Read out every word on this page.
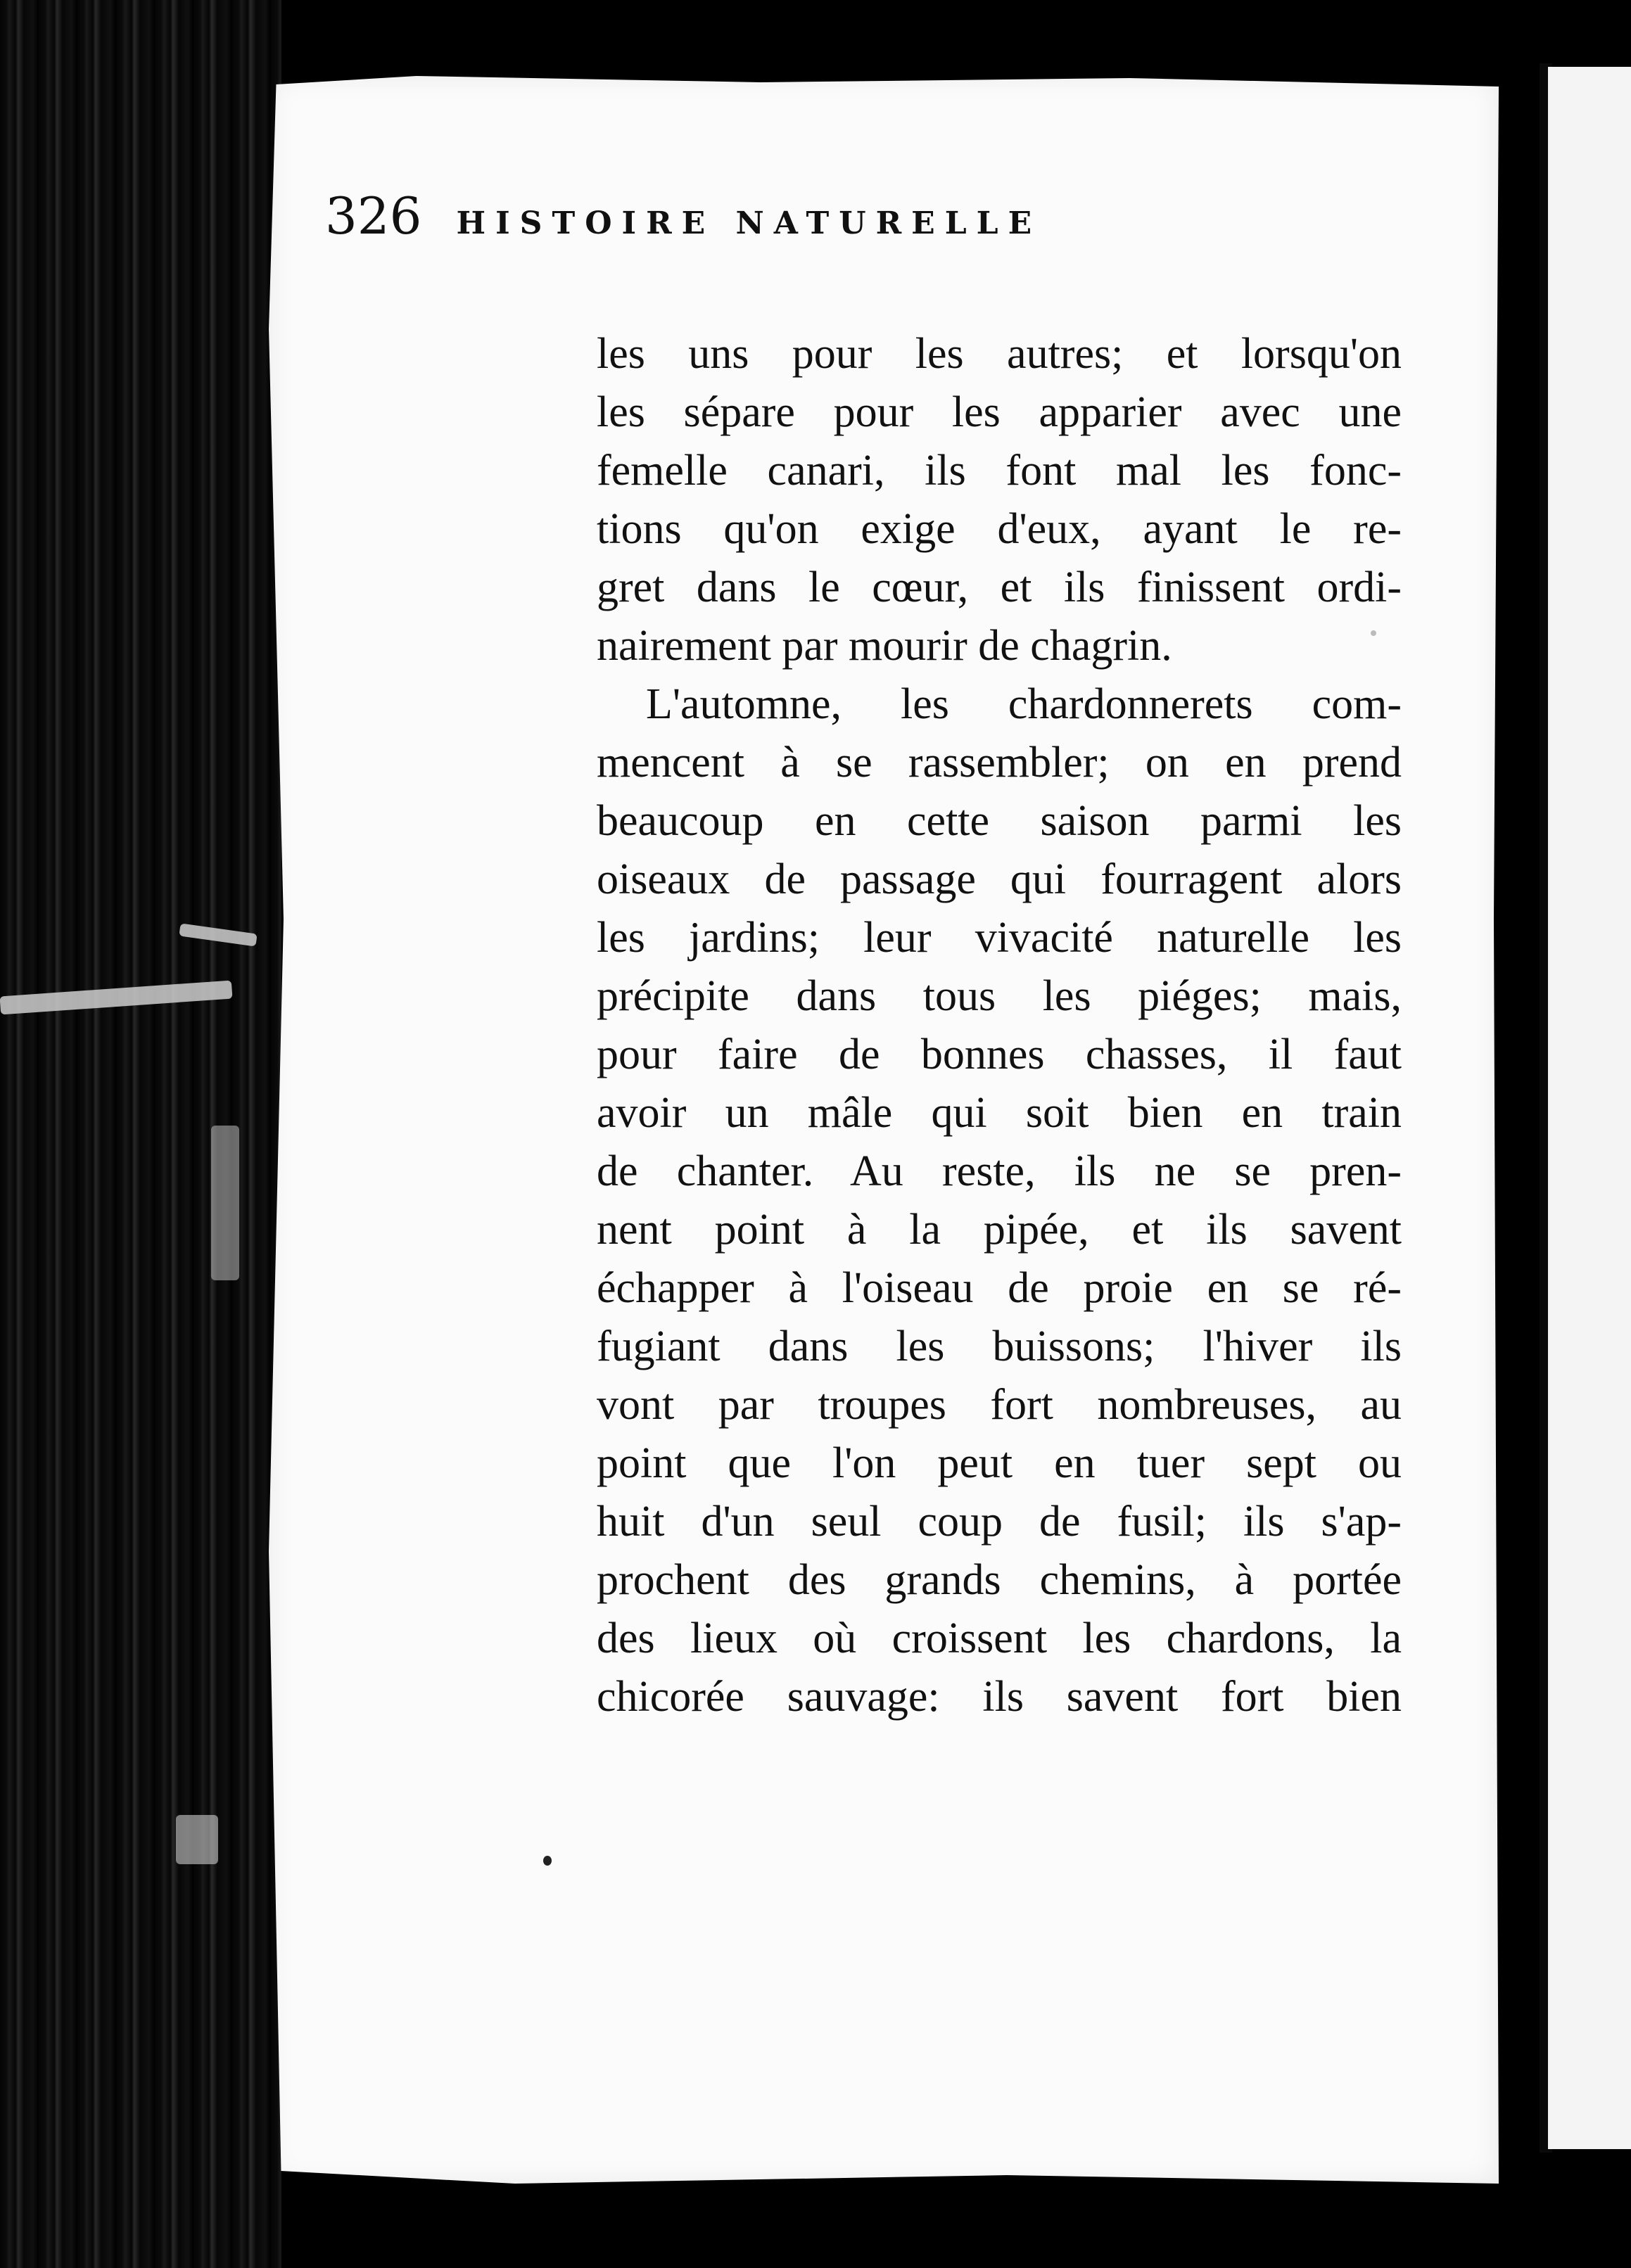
326 HISTOIRE NATURELLE
les uns pour les autres; et lorsqu'on
les sépare pour les apparier avec une
femelle canari, ils font mal les fonc-
tions qu'on exige d'eux, ayant le re-
gret dans le cœur, et ils finissent ordi-
nairement par mourir de chagrin.
L'automne, les chardonnerets com-
mencent à se rassembler; on en prend
beaucoup en cette saison parmi les
oiseaux de passage qui fourragent alors
les jardins; leur vivacité naturelle les
précipite dans tous les piéges; mais,
pour faire de bonnes chasses, il faut
avoir un mâle qui soit bien en train
de chanter. Au reste, ils ne se pren-
nent point à la pipée, et ils savent
échapper à l'oiseau de proie en se ré-
fugiant dans les buissons; l'hiver ils
vont par troupes fort nombreuses, au
point que l'on peut en tuer sept ou
huit d'un seul coup de fusil; ils s'ap-
prochent des grands chemins, à portée
des lieux où croissent les chardons, la
chicorée sauvage: ils savent fort bien
